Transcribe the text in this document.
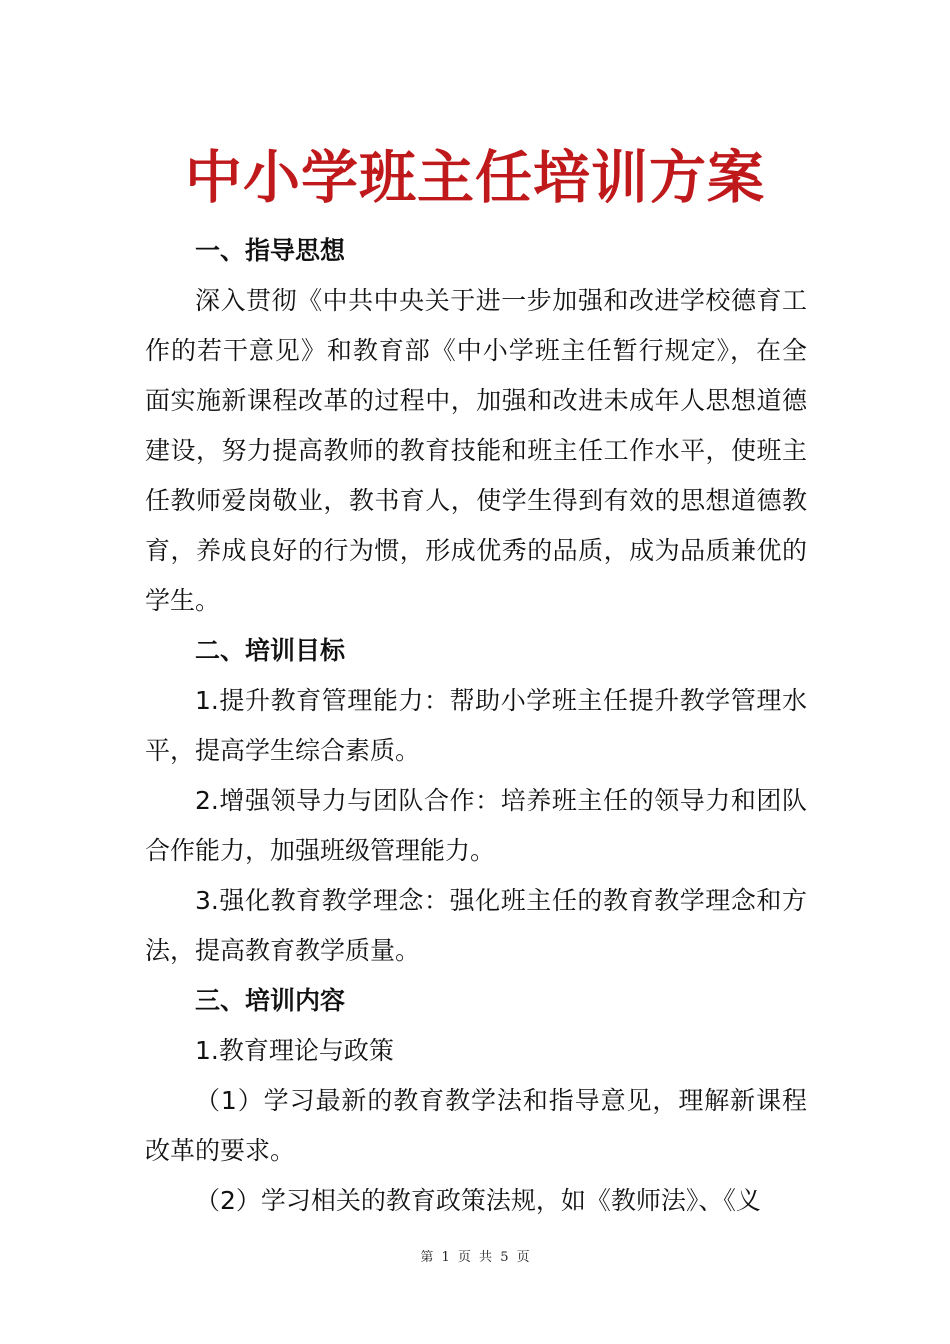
中小学班主任培训方案

一、指导思想

深入贯彻《中共中央关于进一步加强和改进学校德育工作的若干意见》和教育部《中小学班主任暂行规定》，在全面实施新课程改革的过程中，加强和改进未成年人思想道德建设，努力提高教师的教育技能和班主任工作水平，使班主任教师爱岗敬业，教书育人，使学生得到有效的思想道德教育，养成良好的行为惯，形成优秀的品质，成为品质兼优的学生。

二、培训目标

1.提升教育管理能力：帮助小学班主任提升教学管理水平，提高学生综合素质。

2.增强领导力与团队合作：培养班主任的领导力和团队合作能力，加强班级管理能力。

3.强化教育教学理念：强化班主任的教育教学理念和方法，提高教育教学质量。

三、培训内容

1.教育理论与政策

（1）学习最新的教育教学法和指导意见，理解新课程改革的要求。

（2）学习相关的教育政策法规，如《教师法》、《义

第 1 页 共 5 页
